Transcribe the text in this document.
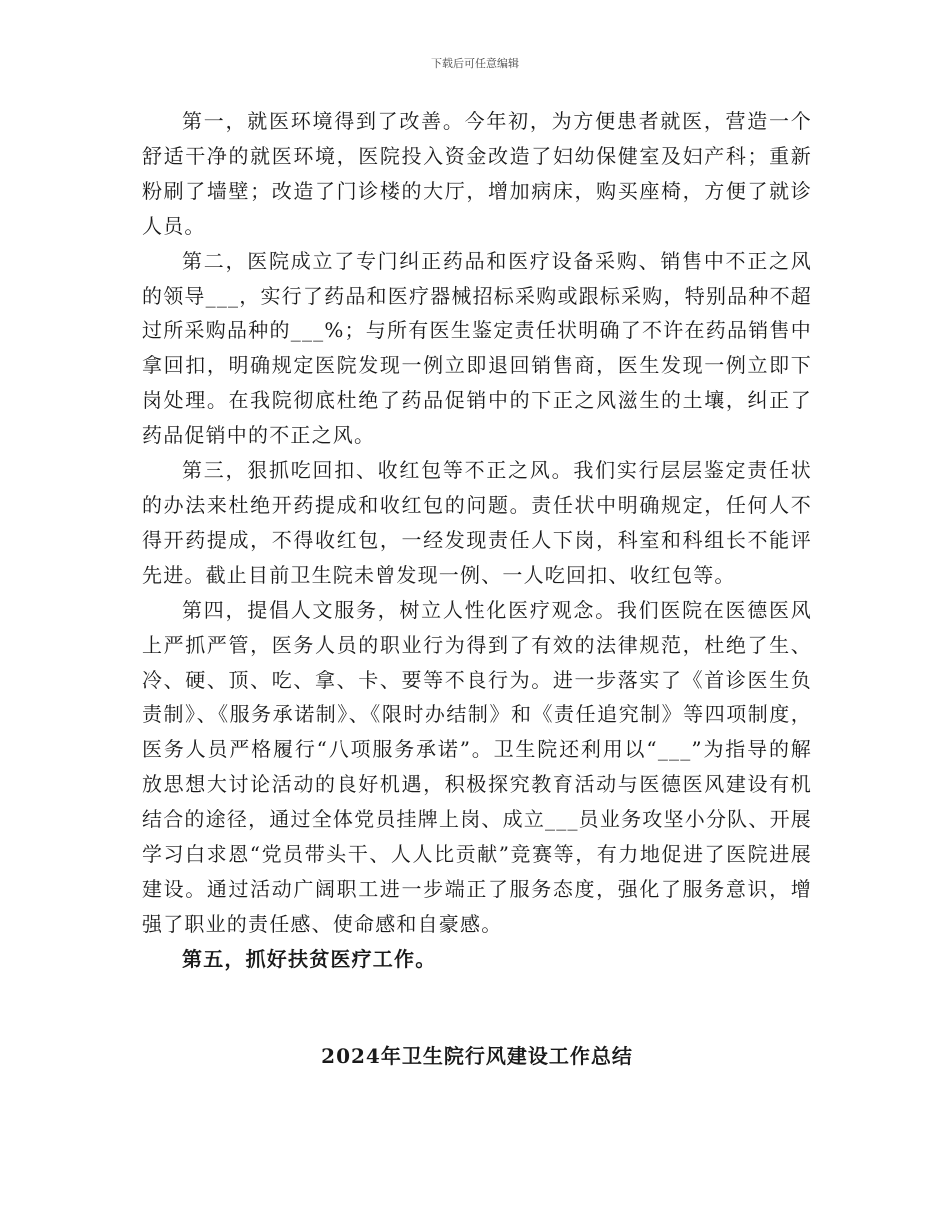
下载后可任意编辑

第一，就医环境得到了改善。今年初，为方便患者就医，营造一个舒适干净的就医环境，医院投入资金改造了妇幼保健室及妇产科；重新粉刷了墙壁；改造了门诊楼的大厅，增加病床，购买座椅，方便了就诊人员。

第二，医院成立了专门纠正药品和医疗设备采购、销售中不正之风的领导___，实行了药品和医疗器械招标采购或跟标采购，特别品种不超过所采购品种的___%；与所有医生鉴定责任状明确了不许在药品销售中拿回扣，明确规定医院发现一例立即退回销售商，医生发现一例立即下岗处理。在我院彻底杜绝了药品促销中的下正之风滋生的土壤，纠正了药品促销中的不正之风。

第三，狠抓吃回扣、收红包等不正之风。我们实行层层鉴定责任状的办法来杜绝开药提成和收红包的问题。责任状中明确规定，任何人不得开药提成，不得收红包，一经发现责任人下岗，科室和科组长不能评先进。截止目前卫生院未曾发现一例、一人吃回扣、收红包等。

第四，提倡人文服务，树立人性化医疗观念。我们医院在医德医风上严抓严管，医务人员的职业行为得到了有效的法律规范，杜绝了生、冷、硬、顶、吃、拿、卡、要等不良行为。进一步落实了《首诊医生负责制》、《服务承诺制》、《限时办结制》和《责任追究制》等四项制度，医务人员严格履行“八项服务承诺”。卫生院还利用以“___”为指导的解放思想大讨论活动的良好机遇，积极探究教育活动与医德医风建设有机结合的途径，通过全体党员挂牌上岗、成立___员业务攻坚小分队、开展学习白求恩“党员带头干、人人比贡献”竞赛等，有力地促进了医院进展建设。通过活动广阔职工进一步端正了服务态度，强化了服务意识，增强了职业的责任感、使命感和自豪感。

第五，抓好扶贫医疗工作。

2024年卫生院行风建设工作总结
